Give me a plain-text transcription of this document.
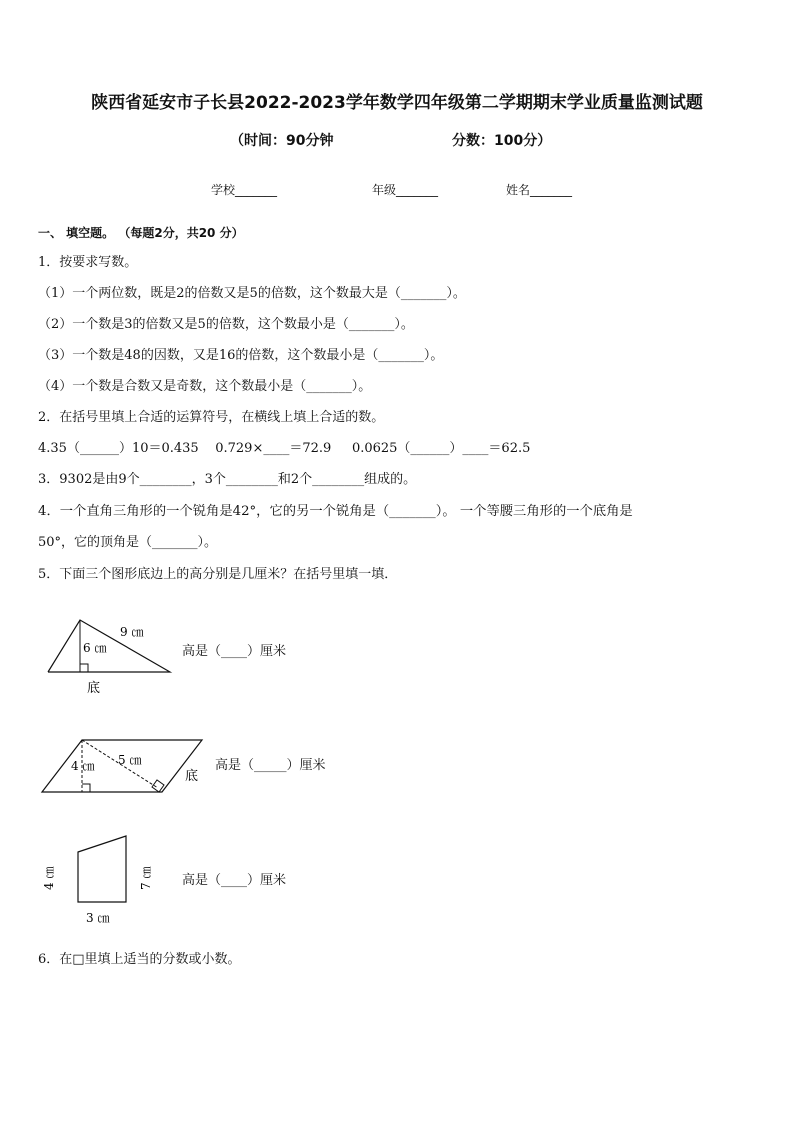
陕西省延安市子长县2022-2023学年数学四年级第二学期期末学业质量监测试题
（时间：90分钟	分数：100分）
学校_______	年级_______	姓名_______
一、 填空题。 （每题2分，共20 分）
1．按要求写数。
（1）一个两位数，既是2的倍数又是5的倍数，这个数最大是（_______）。
（2）一个数是3的倍数又是5的倍数，这个数最小是（_______）。
（3）一个数是48的因数，又是16的倍数，这个数最小是（_______）。
（4）一个数是合数又是奇数，这个数最小是（_______）。
2．在括号里填上合适的运算符号，在横线上填上合适的数。
4.35（______）10＝0.435    0.729×____＝72.9     0.0625（______）____＝62.5
3．9302是由9个________，3个________和2个________组成的。
4．一个直角三角形的一个锐角是42°，它的另一个锐角是（_______）。 一个等腰三角形的一个底角是
50°，它的顶角是（_______）。
5．下面三个图形底边上的高分别是几厘米？在括号里填一填．
9 ㎝
6 ㎝
底
高是（____）厘米
4 ㎝ 5 ㎝
底
高是（_____）厘米
4 ㎝	7 ㎝
3 ㎝
高是（____）厘米
6．在□里填上适当的分数或小数。
